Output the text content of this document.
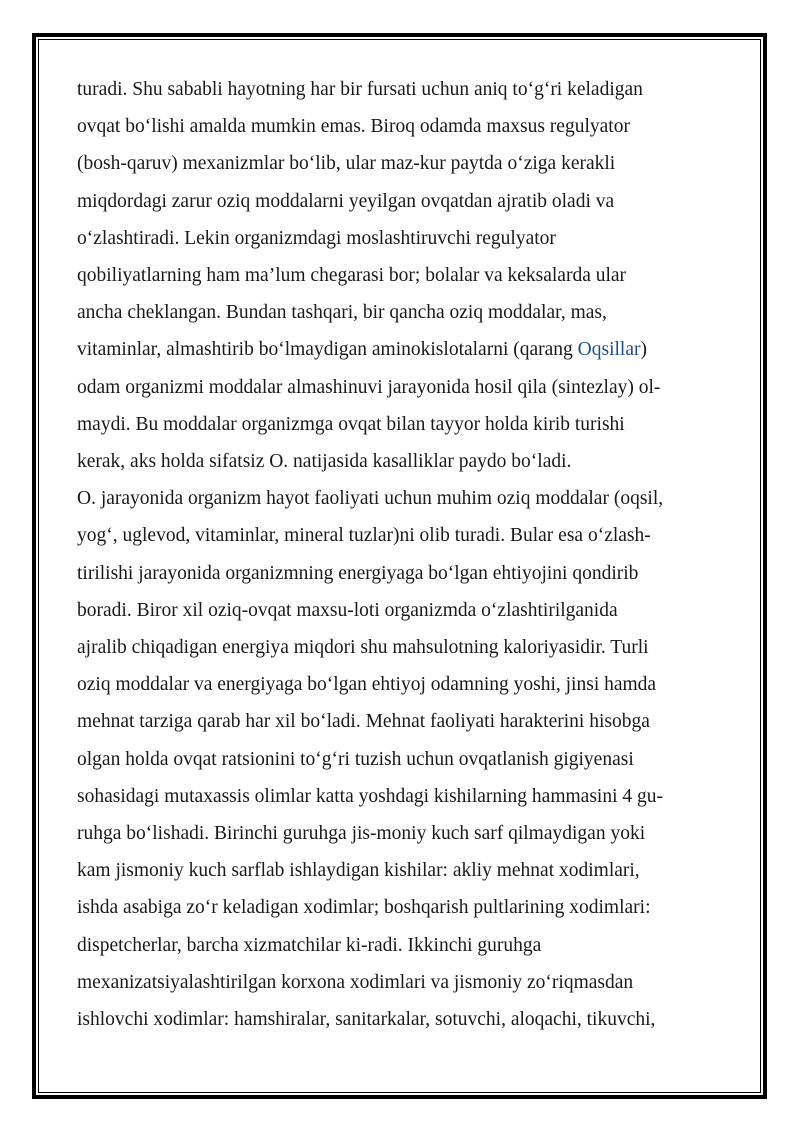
turadi. Shu sababli hayotning har bir fursati uchun aniq to‘g‘ri keladigan
ovqat bo‘lishi amalda mumkin emas. Biroq odamda maxsus regulyator
(bosh-qaruv) mexanizmlar bo‘lib, ular maz-kur paytda o‘ziga kerakli
miqdordagi zarur oziq moddalarni yeyilgan ovqatdan ajratib oladi va
o‘zlashtiradi. Lekin organizmdagi moslashtiruvchi regulyator
qobiliyatlarning ham ma’lum chegarasi bor; bolalar va keksalarda ular
ancha cheklangan. Bundan tashqari, bir qancha oziq moddalar, mas,
vitaminlar, almashtirib bo‘lmaydigan aminokislotalarni (qarang Oqsillar)
odam organizmi moddalar almashinuvi jarayonida hosil qila (sintezlay) ol-
maydi. Bu moddalar organizmga ovqat bilan tayyor holda kirib turishi
kerak, aks holda sifatsiz O. natijasida kasalliklar paydo bo‘ladi.
O. jarayonida organizm hayot faoliyati uchun muhim oziq moddalar (oqsil,
yog‘, uglevod, vitaminlar, mineral tuzlar)ni olib turadi. Bular esa o‘zlash-
tirilishi jarayonida organizmning energiyaga bo‘lgan ehtiyojini qondirib
boradi. Biror xil oziq-ovqat maxsu-loti organizmda o‘zlashtirilganida
ajralib chiqadigan energiya miqdori shu mahsulotning kaloriyasidir. Turli
oziq moddalar va energiyaga bo‘lgan ehtiyoj odamning yoshi, jinsi hamda
mehnat tarziga qarab har xil bo‘ladi. Mehnat faoliyati harakterini hisobga
olgan holda ovqat ratsionini to‘g‘ri tuzish uchun ovqatlanish gigiyenasi
sohasidagi mutaxassis olimlar katta yoshdagi kishilarning hammasini 4 gu-
ruhga bo‘lishadi. Birinchi guruhga jis-moniy kuch sarf qilmaydigan yoki
kam jismoniy kuch sarflab ishlaydigan kishilar: akliy mehnat xodimlari,
ishda asabiga zo‘r keladigan xodimlar; boshqarish pultlarining xodimlari:
dispetcherlar, barcha xizmatchilar ki-radi. Ikkinchi guruhga
mexanizatsiyalashtirilgan korxona xodimlari va jismoniy zo‘riqmasdan
ishlovchi xodimlar: hamshiralar, sanitarkalar, sotuvchi, aloqachi, tikuvchi,
